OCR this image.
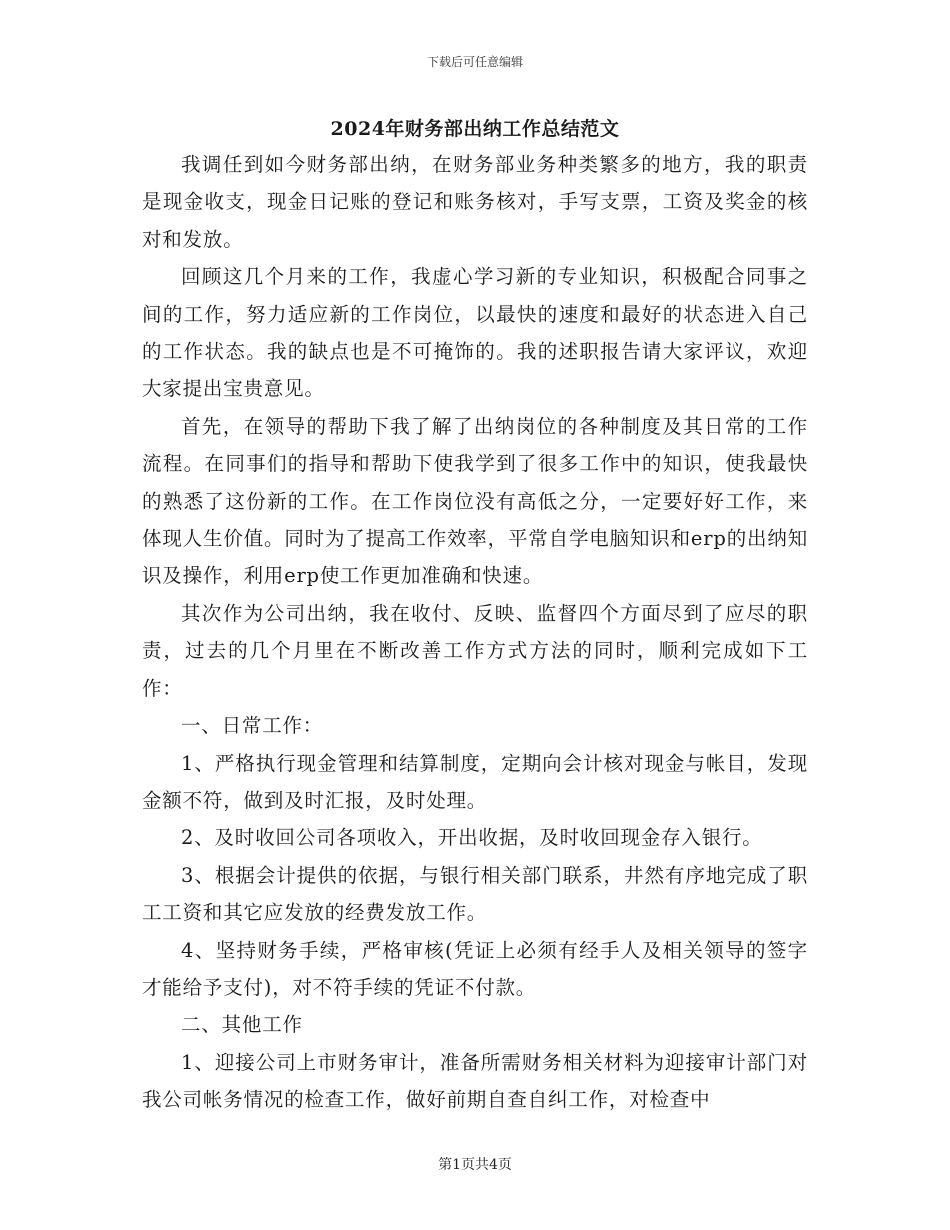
下载后可任意编辑
2024年财务部出纳工作总结范文

我调任到如今财务部出纳，在财务部业务种类繁多的地方，我的职责是现金收支，现金日记账的登记和账务核对，手写支票，工资及奖金的核对和发放。

回顾这几个月来的工作，我虚心学习新的专业知识，积极配合同事之间的工作，努力适应新的工作岗位，以最快的速度和最好的状态进入自己的工作状态。我的缺点也是不可掩饰的。我的述职报告请大家评议，欢迎大家提出宝贵意见。

首先，在领导的帮助下我了解了出纳岗位的各种制度及其日常的工作流程。在同事们的指导和帮助下使我学到了很多工作中的知识，使我最快的熟悉了这份新的工作。在工作岗位没有高低之分，一定要好好工作，来体现人生价值。同时为了提高工作效率，平常自学电脑知识和erp的出纳知识及操作，利用erp使工作更加准确和快速。

其次作为公司出纳，我在收付、反映、监督四个方面尽到了应尽的职责，过去的几个月里在不断改善工作方式方法的同时，顺利完成如下工作：

一、日常工作：

1、严格执行现金管理和结算制度，定期向会计核对现金与帐目，发现金额不符，做到及时汇报，及时处理。

2、及时收回公司各项收入，开出收据，及时收回现金存入银行。

3、根据会计提供的依据，与银行相关部门联系，井然有序地完成了职工工资和其它应发放的经费发放工作。

4、坚持财务手续，严格审核(凭证上必须有经手人及相关领导的签字才能给予支付)，对不符手续的凭证不付款。

二、其他工作

1、迎接公司上市财务审计，准备所需财务相关材料为迎接审计部门对我公司帐务情况的检查工作，做好前期自查自纠工作，对检查中

第1页共4页
